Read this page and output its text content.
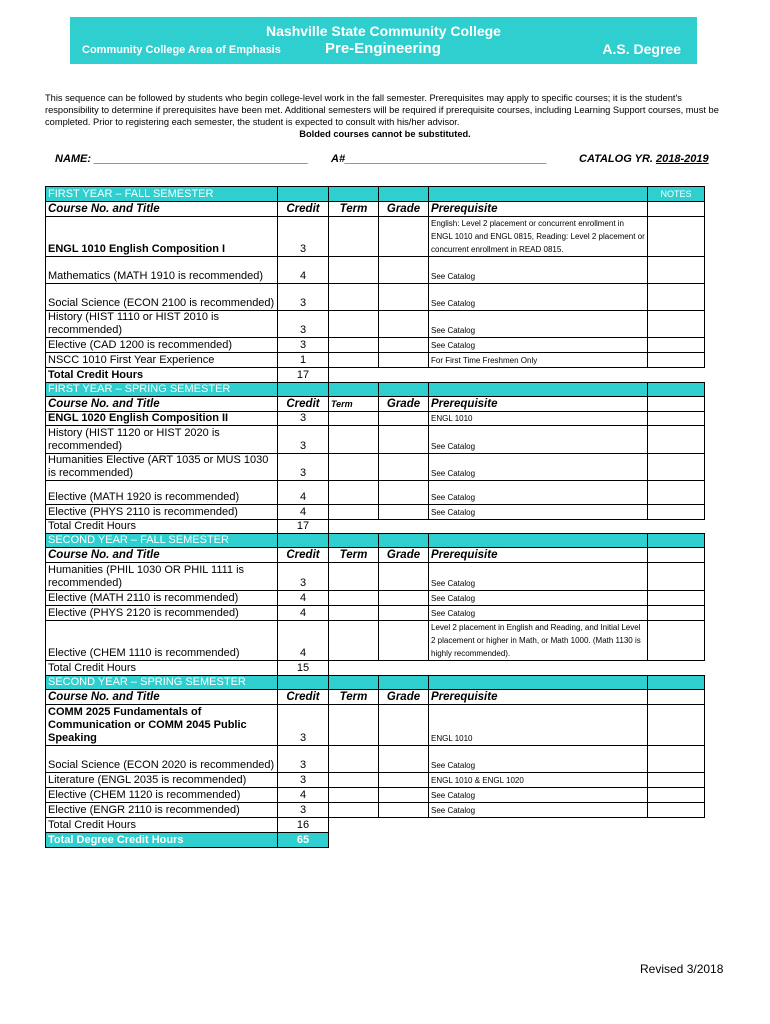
Nashville State Community College
Community College Area of Emphasis	Pre-Engineering	A.S. Degree
This sequence can be followed by students who begin college-level work in the fall semester. Prerequisites may apply to specific courses; it is the student's responsibility to determine if prerequisites have been met. Additional semesters will be required if prerequisite courses, including Learning Support courses, must be completed. Prior to registering each semester, the student is expected to consult with his/her advisor.
Bolded courses cannot be substituted.
NAME: ___________________________________ A#_________________________________	CATALOG YR. 2018-2019
FIRST YEAR – FALL SEMESTER					NOTES
Course No. and Title	Credit	Term	Grade	Prerequisite	
ENGL 1010 English Composition I	3			English: Level 2 placement or concurrent enrollment in ENGL 1010 and ENGL 0815, Reading: Level 2 placement or concurrent enrollment in READ 0815.	
Mathematics (MATH 1910 is recommended)	4			See Catalog	
Social Science (ECON 2100 is recommended)	3			See Catalog	
History (HIST 1110 or HIST 2010 is recommended)	3			See Catalog	
Elective (CAD 1200 is recommended)	3			See Catalog	
NSCC 1010 First Year Experience	1			For First Time Freshmen Only	
Total Credit Hours	17				
FIRST YEAR – SPRING SEMESTER					
Course No. and Title	Credit	Term	Grade	Prerequisite	
ENGL 1020 English Composition II	3			ENGL 1010	
History (HIST 1120 or HIST 2020 is recommended)	3			See Catalog	
Humanities Elective (ART 1035 or MUS 1030 is recommended)	3			See Catalog	
Elective (MATH 1920 is recommended)	4			See Catalog	
Elective (PHYS 2110 is recommended)	4			See Catalog	
Total Credit Hours	17				
SECOND YEAR – FALL SEMESTER					
Course No. and Title	Credit	Term	Grade	Prerequisite	
Humanities (PHIL 1030 OR PHIL 1111 is recommended)	3			See Catalog	
Elective (MATH 2110 is recommended)	4			See Catalog	
Elective (PHYS 2120 is recommended)	4			See Catalog	
Elective (CHEM 1110 is recommended)	4			Level 2 placement in English and Reading, and Initial Level 2 placement or higher in Math, or Math 1000. (Math 1130 is highly recommended).	
Total Credit Hours	15				
SECOND YEAR – SPRING SEMESTER					
Course No. and Title	Credit	Term	Grade	Prerequisite	
COMM 2025 Fundamentals of Communication or COMM 2045 Public Speaking	3			ENGL 1010	
Social Science (ECON 2020 is recommended)	3			See Catalog	
Literature (ENGL 2035 is recommended)	3			ENGL 1010 & ENGL 1020	
Elective (CHEM 1120 is recommended)	4			See Catalog	
Elective (ENGR 2110 is recommended)	3			See Catalog	
Total Credit Hours	16				
Total Degree Credit Hours	65				
Revised 3/2018
